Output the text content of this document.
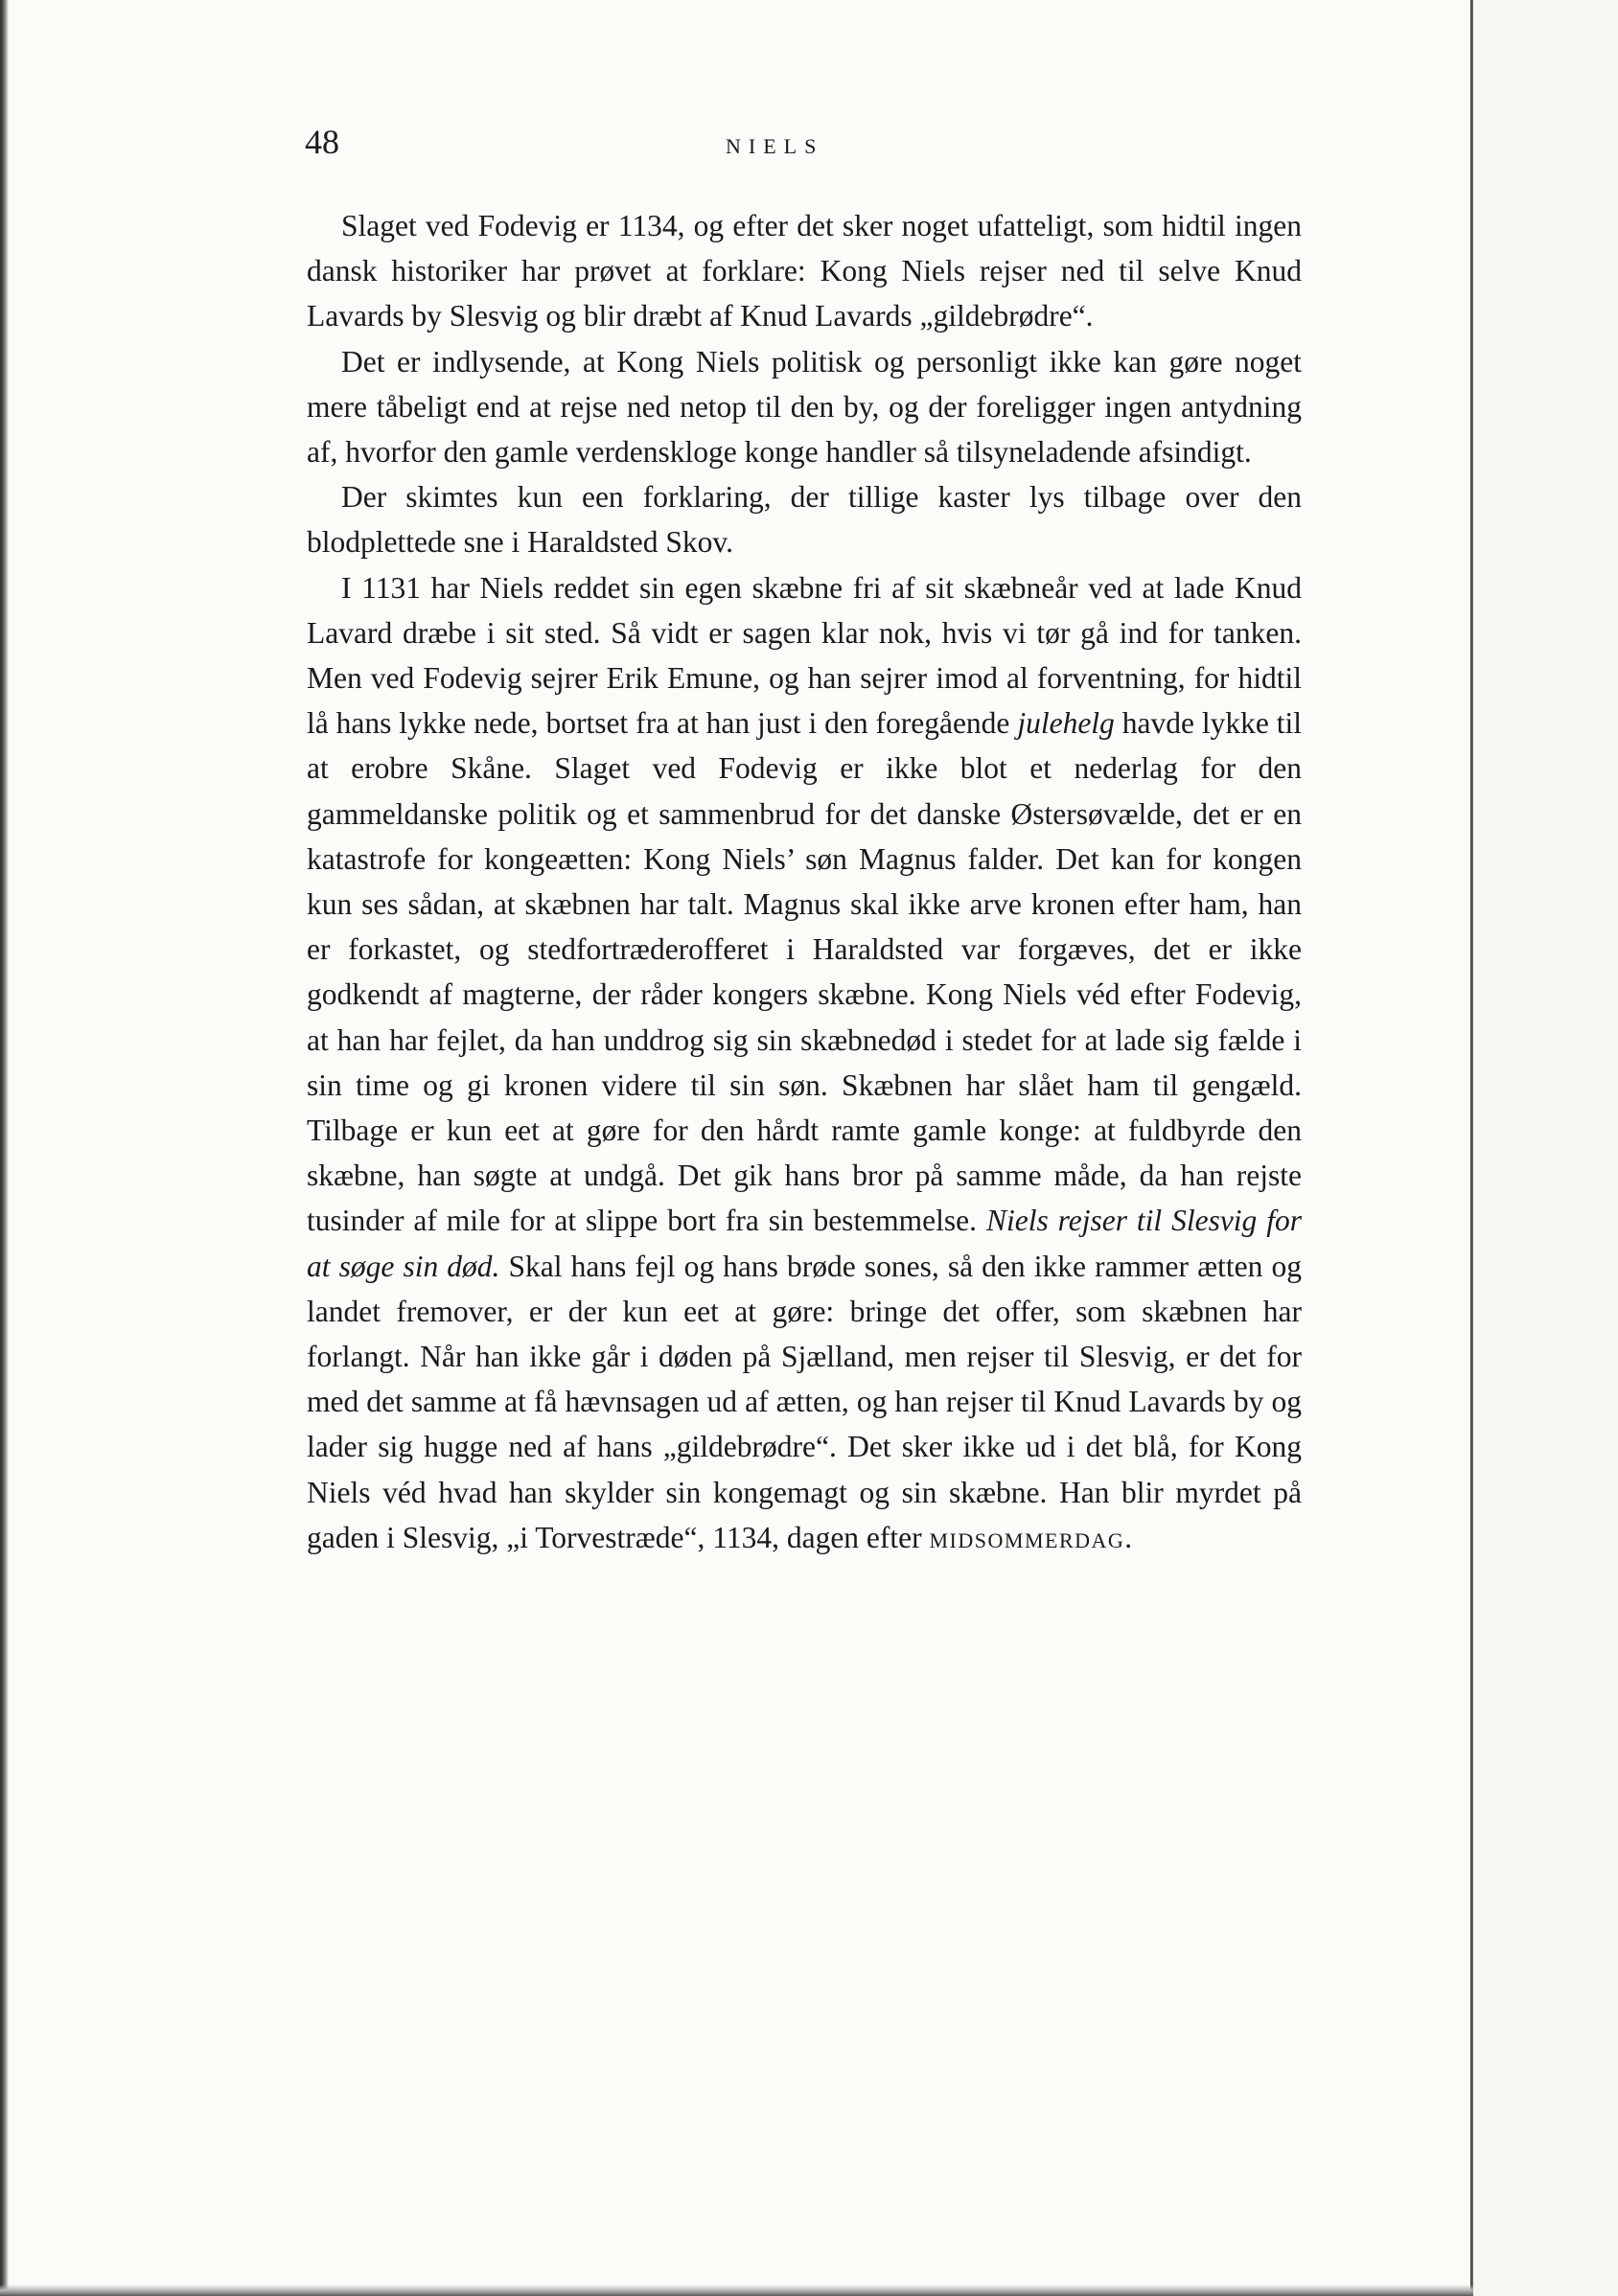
48	NIELS

Slaget ved Fodevig er 1134, og efter det sker noget ufatteligt, som hidtil ingen dansk historiker har prøvet at forklare: Kong Niels rejser ned til selve Knud Lavards by Slesvig og blir dræbt af Knud Lavards „gildebrødre“.

Det er indlysende, at Kong Niels politisk og personligt ikke kan gøre noget mere tåbeligt end at rejse ned netop til den by, og der foreligger ingen antydning af, hvorfor den gamle verdenskloge konge handler så tilsyneladende afsindigt.

Der skimtes kun een forklaring, der tillige kaster lys tilbage over den blodplettede sne i Haraldsted Skov.

I 1131 har Niels reddet sin egen skæbne fri af sit skæbneår ved at lade Knud Lavard dræbe i sit sted. Så vidt er sagen klar nok, hvis vi tør gå ind for tanken. Men ved Fodevig sejrer Erik Emune, og han sejrer imod al forventning, for hidtil lå hans lykke nede, bortset fra at han just i den foregående julehelg havde lykke til at erobre Skåne. Slaget ved Fodevig er ikke blot et nederlag for den gammeldanske politik og et sammenbrud for det danske Østersøvælde, det er en katastrofe for kongeætten: Kong Niels’ søn Magnus falder. Det kan for kongen kun ses sådan, at skæbnen har talt. Magnus skal ikke arve kronen efter ham, han er forkastet, og stedfortræderofferet i Haraldsted var forgæves, det er ikke godkendt af magterne, der råder kongers skæbne. Kong Niels véd efter Fodevig, at han har fejlet, da han unddrog sig sin skæbnedød i stedet for at lade sig fælde i sin time og gi kronen videre til sin søn. Skæbnen har slået ham til gengæld. Tilbage er kun eet at gøre for den hårdt ramte gamle konge: at fuldbyrde den skæbne, han søgte at undgå. Det gik hans bror på samme måde, da han rejste tusinder af mile for at slippe bort fra sin bestemmelse. Niels rejser til Slesvig for at søge sin død. Skal hans fejl og hans brøde sones, så den ikke rammer ætten og landet fremover, er der kun eet at gøre: bringe det offer, som skæbnen har forlangt. Når han ikke går i døden på Sjælland, men rejser til Slesvig, er det for med det samme at få hævnsagen ud af ætten, og han rejser til Knud Lavards by og lader sig hugge ned af hans „gildebrødre“. Det sker ikke ud i det blå, for Kong Niels véd hvad han skylder sin kongemagt og sin skæbne. Han blir myrdet på gaden i Slesvig, „i Torvestræde“, 1134, dagen efter MIDSOMMERDAG.
